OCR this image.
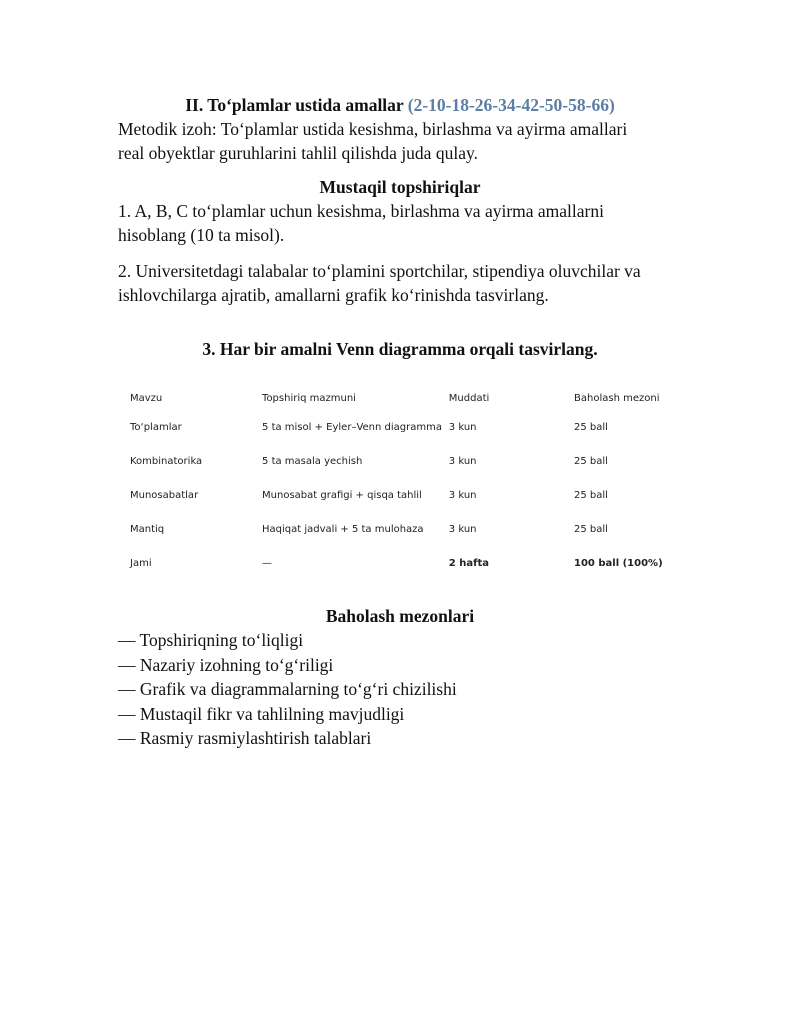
II. To‘plamlar ustida amallar (2-10-18-26-34-42-50-58-66)

Metodik izoh: To‘plamlar ustida kesishma, birlashma va ayirma amallari
real obyektlar guruhlarini tahlil qilishda juda qulay.

Mustaqil topshiriqlar

1. A, B, C to‘plamlar uchun kesishma, birlashma va ayirma amallarni
hisoblang (10 ta misol).

2. Universitetdagi talabalar to‘plamini sportchilar, stipendiya oluvchilar va
ishlovchilarga ajratib, amallarni grafik ko‘rinishda tasvirlang.

3. Har bir amalni Venn diagramma orqali tasvirlang.

Mavzu	Topshiriq mazmuni	Muddati	Baholash mezoni
To‘plamlar	5 ta misol + Eyler–Venn diagramma	3 kun	25 ball
Kombinatorika	5 ta masala yechish	3 kun	25 ball
Munosabatlar	Munosabat grafigi + qisqa tahlil	3 kun	25 ball
Mantiq	Haqiqat jadvali + 5 ta mulohaza	3 kun	25 ball
Jami	—	2 hafta	100 ball (100%)

Baholash mezonlari

— Topshiriqning to‘liqligi
— Nazariy izohning to‘g‘riligi
— Grafik va diagrammalarning to‘g‘ri chizilishi
— Mustaqil fikr va tahlilning mavjudligi
— Rasmiy rasmiylashtirish talablari
